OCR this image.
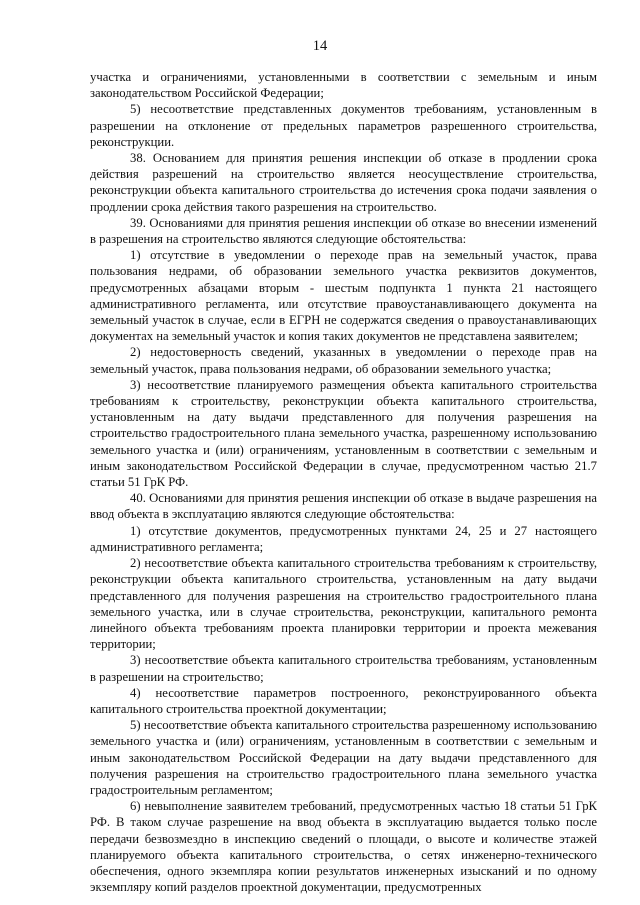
14

участка и ограничениями, установленными в соответствии с земельным и иным законодательством Российской Федерации;

5) несоответствие представленных документов требованиям, установленным в разрешении на отклонение от предельных параметров разрешенного строительства, реконструкции.

38. Основанием для принятия решения инспекции об отказе в продлении срока действия разрешений на строительство является неосуществление строительства, реконструкции объекта капитального строительства до истечения срока подачи заявления о продлении срока действия такого разрешения на строительство.

39. Основаниями для принятия решения инспекции об отказе во внесении изменений в разрешения на строительство являются следующие обстоятельства:

1) отсутствие в уведомлении о переходе прав на земельный участок, права пользования недрами, об образовании земельного участка реквизитов документов, предусмотренных абзацами вторым - шестым подпункта 1 пункта 21 настоящего административного регламента, или отсутствие правоустанавливающего документа на земельный участок в случае, если в ЕГРН не содержатся сведения о правоустанавливающих документах на земельный участок и копия таких документов не представлена заявителем;

2) недостоверность сведений, указанных в уведомлении о переходе прав на земельный участок, права пользования недрами, об образовании земельного участка;

3) несоответствие планируемого размещения объекта капитального строительства требованиям к строительству, реконструкции объекта капитального строительства, установленным на дату выдачи представленного для получения разрешения на строительство градостроительного плана земельного участка, разрешенному использованию земельного участка и (или) ограничениям, установленным в соответствии с земельным и иным законодательством Российской Федерации в случае, предусмотренном частью 21.7 статьи 51 ГрК РФ.

40. Основаниями для принятия решения инспекции об отказе в выдаче разрешения на ввод объекта в эксплуатацию являются следующие обстоятельства:

1) отсутствие документов, предусмотренных пунктами 24, 25 и 27 настоящего административного регламента;

2) несоответствие объекта капитального строительства требованиям к строительству, реконструкции объекта капитального строительства, установленным на дату выдачи представленного для получения разрешения на строительство градостроительного плана земельного участка, или в случае строительства, реконструкции, капитального ремонта линейного объекта требованиям проекта планировки территории и проекта межевания территории;

3) несоответствие объекта капитального строительства требованиям, установленным в разрешении на строительство;

4) несоответствие параметров построенного, реконструированного объекта капитального строительства проектной документации;

5) несоответствие объекта капитального строительства разрешенному использованию земельного участка и (или) ограничениям, установленным в соответствии с земельным и иным законодательством Российской Федерации на дату выдачи представленного для получения разрешения на строительство градостроительного плана земельного участка градостроительным регламентом;

6) невыполнение заявителем требований, предусмотренных частью 18 статьи 51 ГрК РФ. В таком случае разрешение на ввод объекта в эксплуатацию выдается только после передачи безвозмездно в инспекцию сведений о площади, о высоте и количестве этажей планируемого объекта капитального строительства, о сетях инженерно-технического обеспечения, одного экземпляра копии результатов инженерных изысканий и по одному экземпляру копий разделов проектной документации, предусмотренных
